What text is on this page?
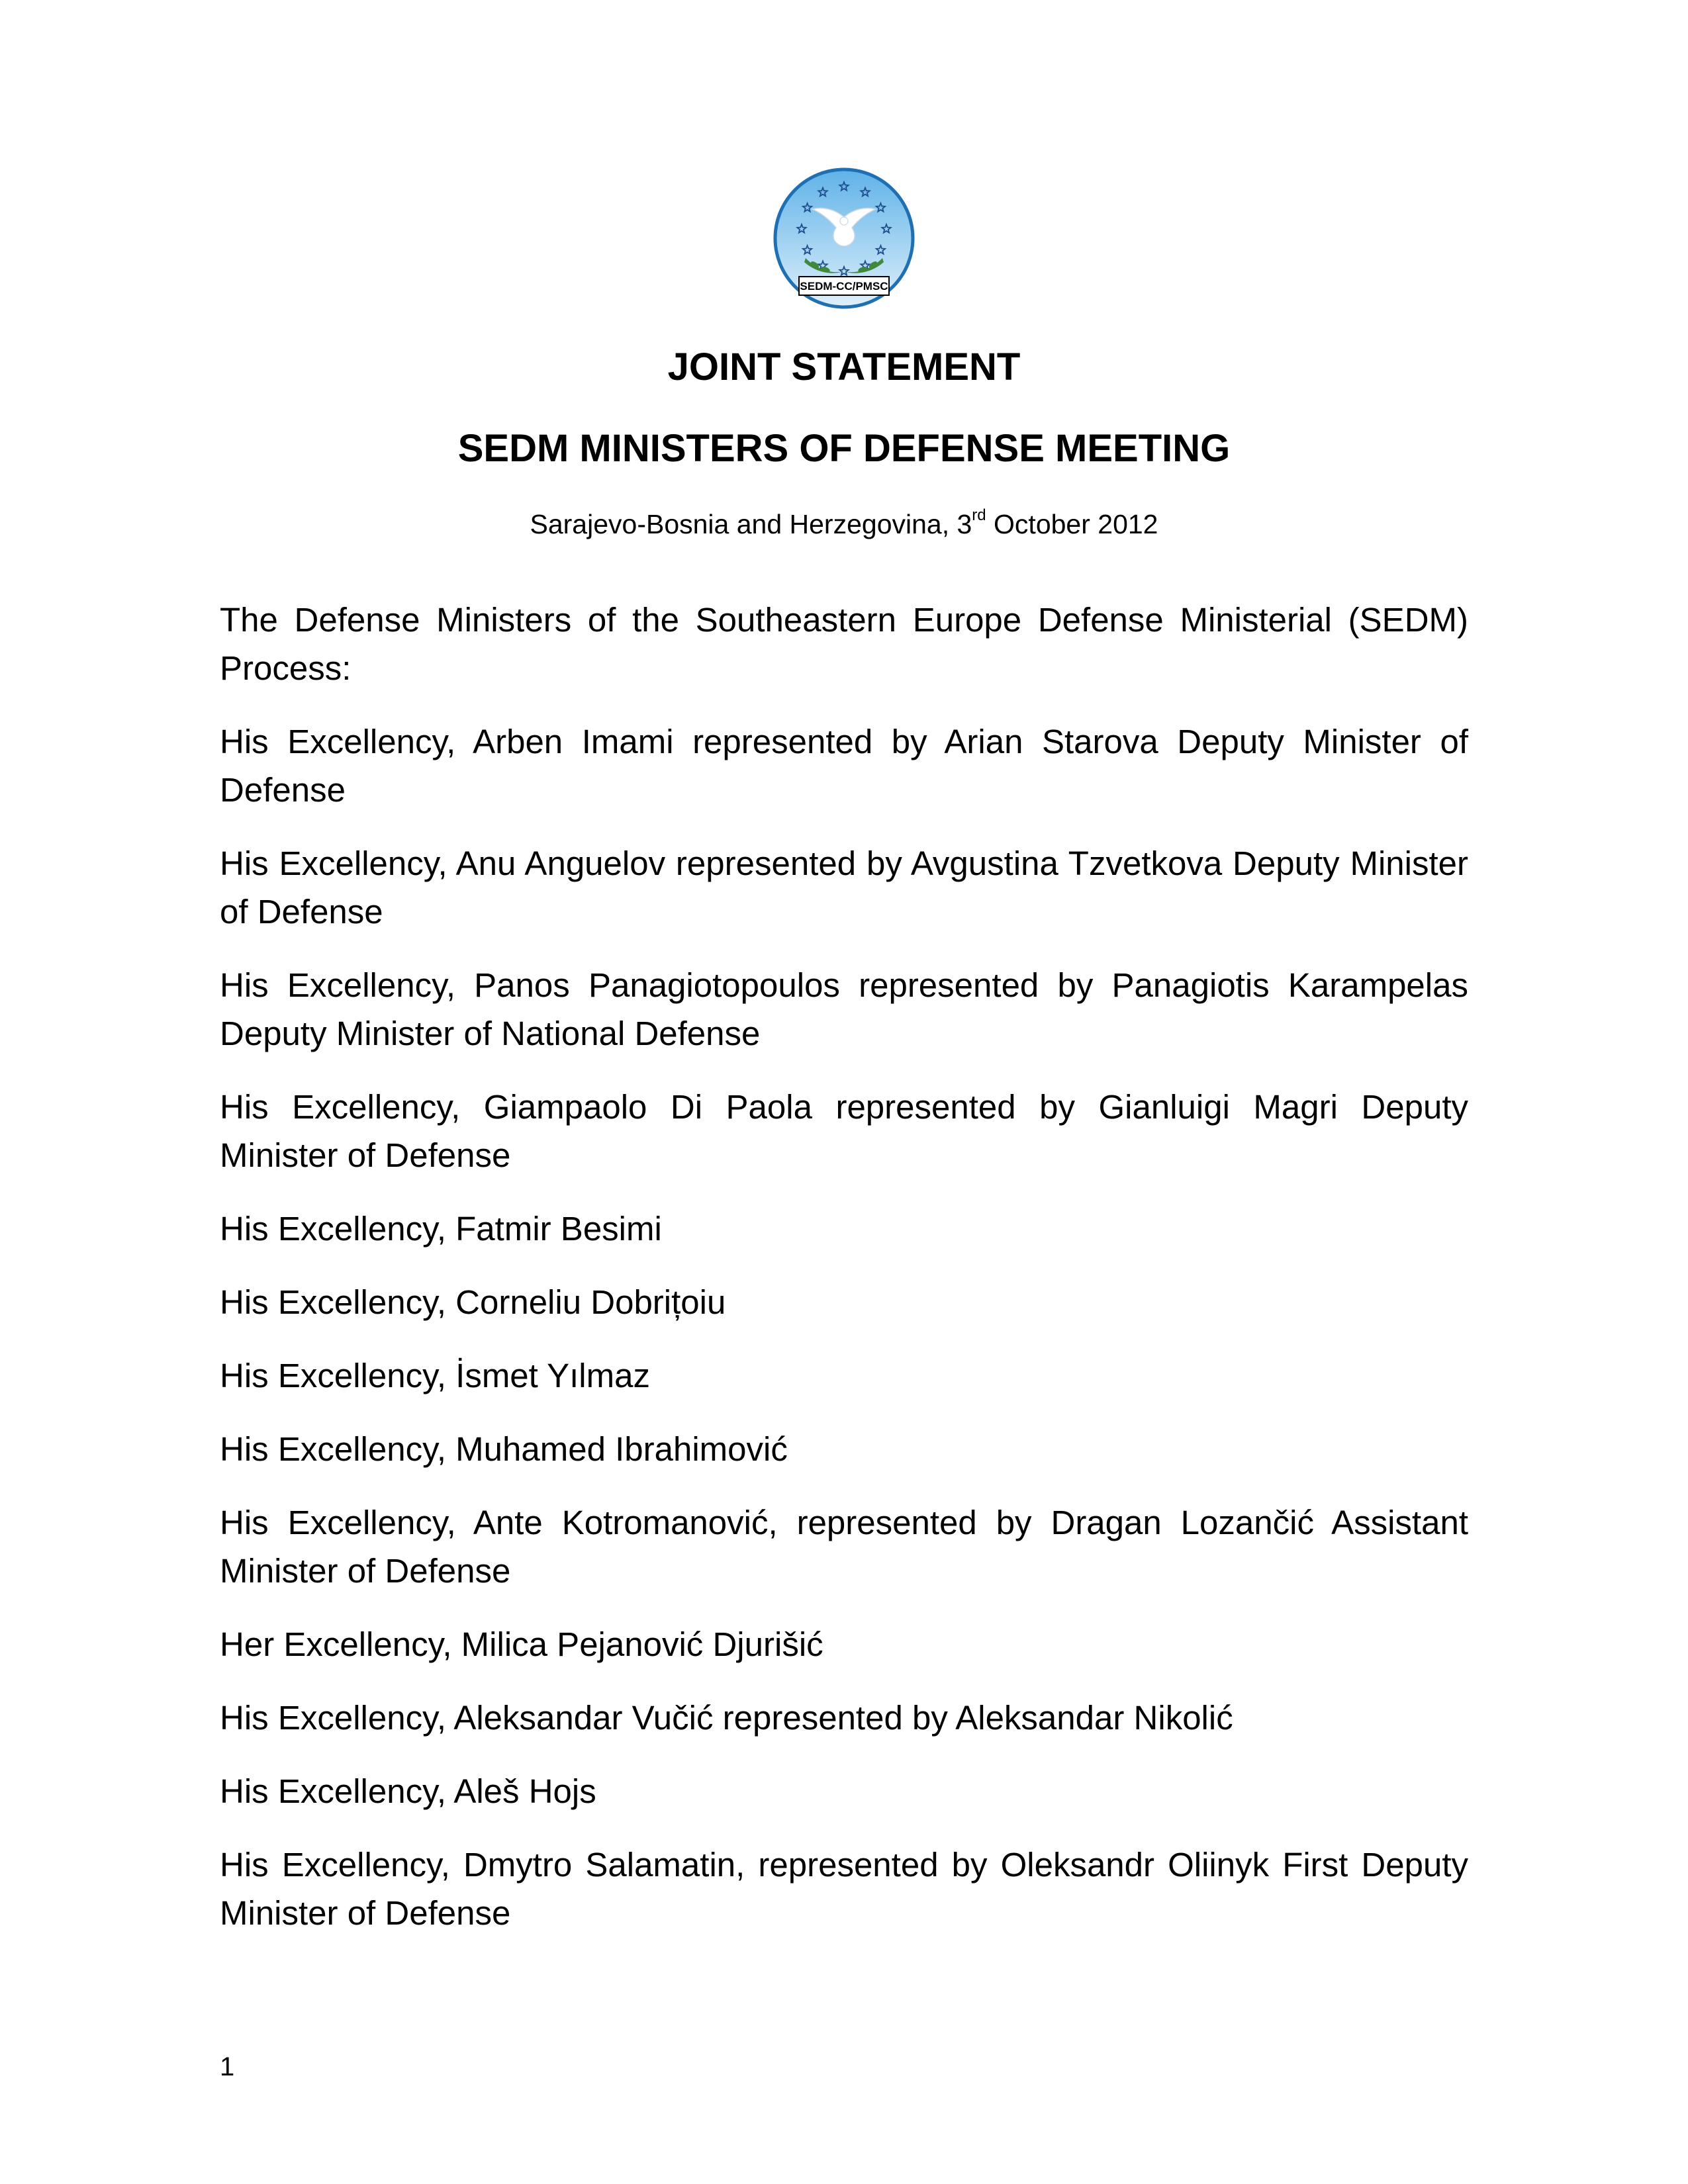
SEDM-CC/PMSC
JOINT STATEMENT
SEDM MINISTERS OF DEFENSE MEETING
Sarajevo-Bosnia and Herzegovina, 3rd October 2012

The Defense Ministers of the Southeastern Europe Defense Ministerial (SEDM) Process:

His Excellency, Arben Imami represented by Arian Starova Deputy Minister of Defense

His Excellency, Anu Anguelov represented by Avgustina Tzvetkova Deputy Minister of Defense

His Excellency, Panos Panagiotopoulos represented by Panagiotis Karampelas Deputy Minister of National Defense

His Excellency, Giampaolo Di Paola represented by Gianluigi Magri Deputy Minister of Defense

His Excellency, Fatmir Besimi

His Excellency, Corneliu Dobrițoiu

His Excellency, İsmet Yılmaz

His Excellency, Muhamed Ibrahimović

His Excellency, Ante Kotromanović, represented by Dragan Lozančić Assistant Minister of Defense

Her Excellency, Milica Pejanović Djurišić

His Excellency, Aleksandar Vučić represented by Aleksandar Nikolić

His Excellency, Aleš Hojs

His Excellency, Dmytro Salamatin, represented by Oleksandr Oliinyk First Deputy Minister of Defense

1
